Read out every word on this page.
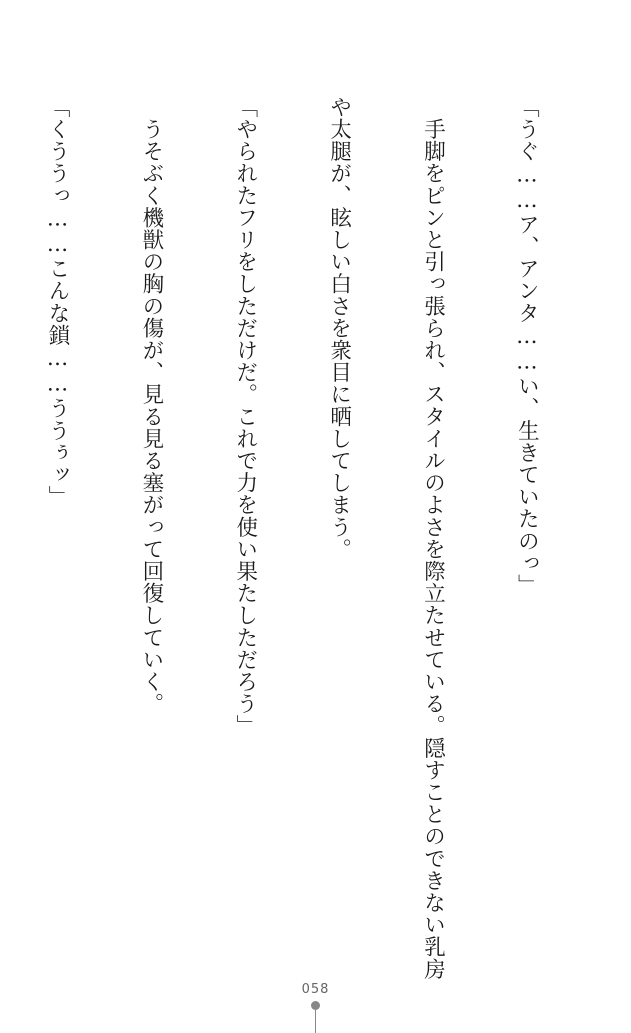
「うぐ……ア、アンタ……い、生きていたのっ」

　手脚をピンと引っ張られ、スタイルのよさを際立たせている。隠すことのできない乳房

や太腿が、眩しい白さを衆目に晒してしまう。

「やられたフリをしただけだ。これで力を使い果たしただろう」

　うそぶく機獣の胸の傷が、見る見る塞がって回復していく。

「くううっ……こんな鎖……ううぅッ」

058
